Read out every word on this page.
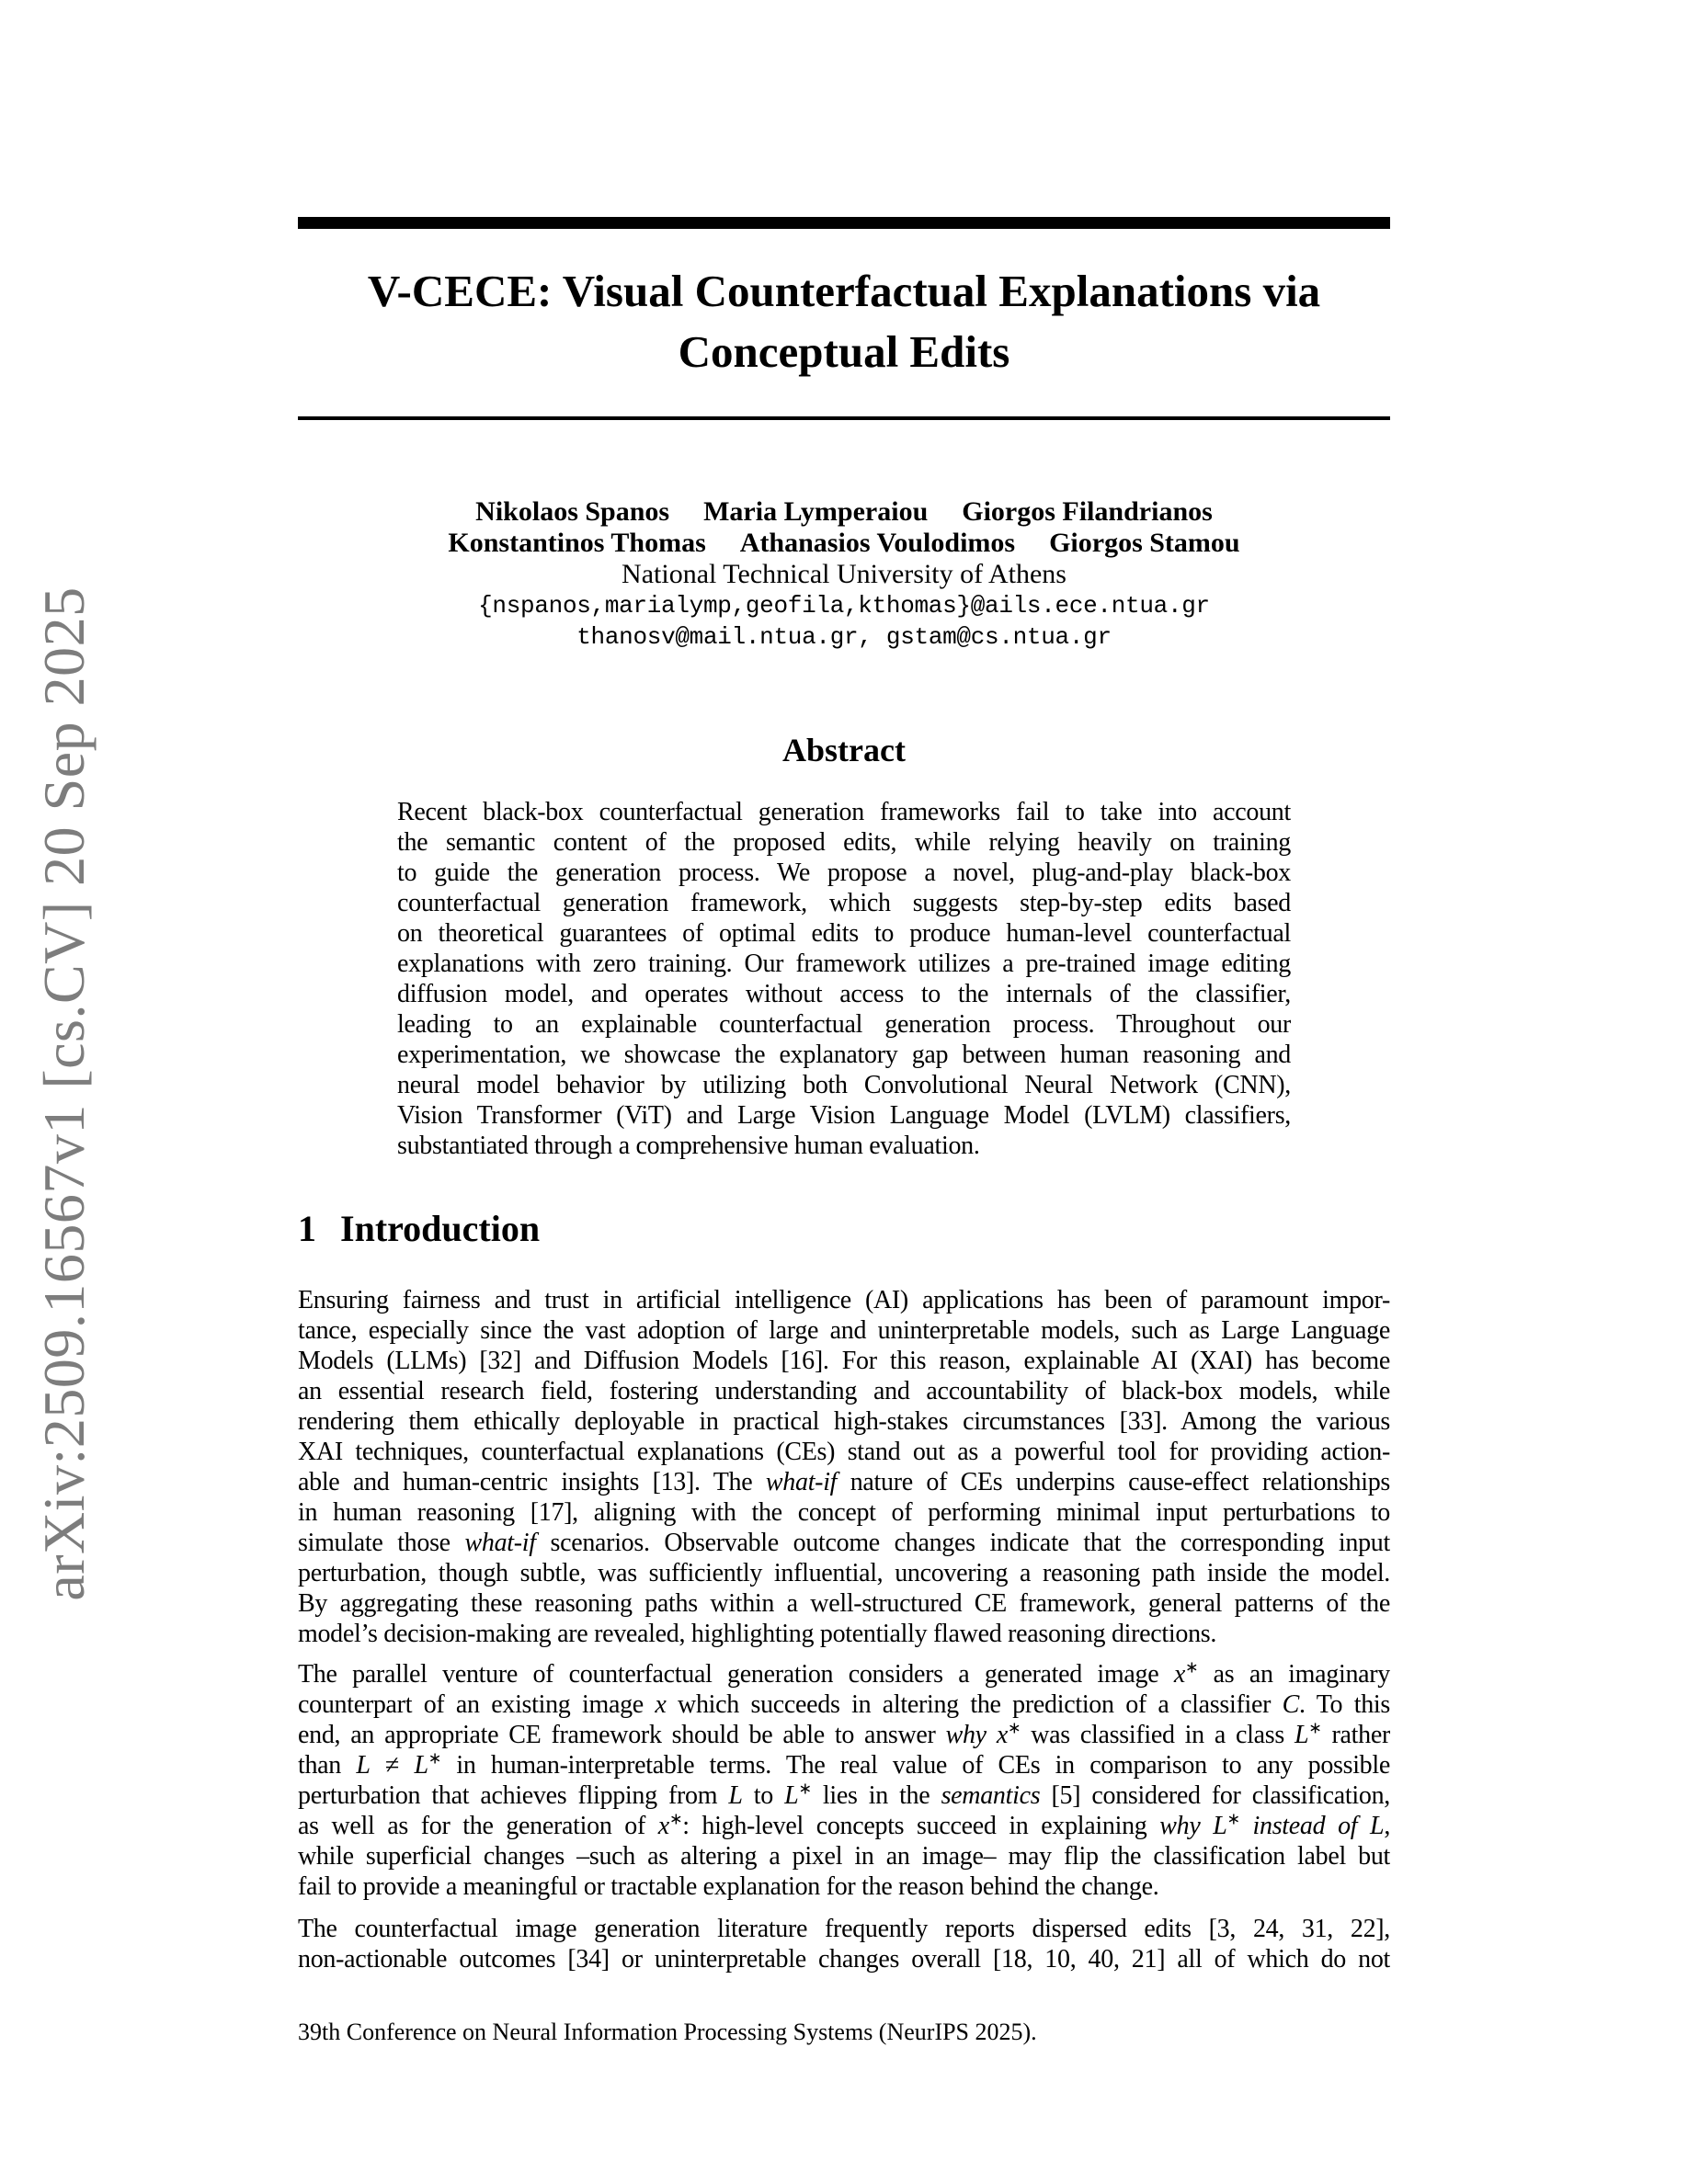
arXiv:2509.16567v1 [cs.CV] 20 Sep 2025
V-CECE: Visual Counterfactual Explanations via
Conceptual Edits
Nikolaos Spanos Maria Lymperaiou Giorgos Filandrianos
Konstantinos Thomas Athanasios Voulodimos Giorgos Stamou
National Technical University of Athens
{nspanos,marialymp,geofila,kthomas}@ails.ece.ntua.gr
thanosv@mail.ntua.gr, gstam@cs.ntua.gr
Abstract
Recent black-box counterfactual generation frameworks fail to take into account
the semantic content of the proposed edits, while relying heavily on training
to guide the generation process. We propose a novel, plug-and-play black-box
counterfactual generation framework, which suggests step-by-step edits based
on theoretical guarantees of optimal edits to produce human-level counterfactual
explanations with zero training. Our framework utilizes a pre-trained image editing
diffusion model, and operates without access to the internals of the classifier,
leading to an explainable counterfactual generation process. Throughout our
experimentation, we showcase the explanatory gap between human reasoning and
neural model behavior by utilizing both Convolutional Neural Network (CNN),
Vision Transformer (ViT) and Large Vision Language Model (LVLM) classifiers,
substantiated through a comprehensive human evaluation.
1 Introduction
Ensuring fairness and trust in artificial intelligence (AI) applications has been of paramount impor-
tance, especially since the vast adoption of large and uninterpretable models, such as Large Language
Models (LLMs) [32] and Diffusion Models [16]. For this reason, explainable AI (XAI) has become
an essential research field, fostering understanding and accountability of black-box models, while
rendering them ethically deployable in practical high-stakes circumstances [33]. Among the various
XAI techniques, counterfactual explanations (CEs) stand out as a powerful tool for providing action-
able and human-centric insights [13]. The what-if nature of CEs underpins cause-effect relationships
in human reasoning [17], aligning with the concept of performing minimal input perturbations to
simulate those what-if scenarios. Observable outcome changes indicate that the corresponding input
perturbation, though subtle, was sufficiently influential, uncovering a reasoning path inside the model.
By aggregating these reasoning paths within a well-structured CE framework, general patterns of the
model’s decision-making are revealed, highlighting potentially flawed reasoning directions.
The parallel venture of counterfactual generation considers a generated image x∗ as an imaginary
counterpart of an existing image x which succeeds in altering the prediction of a classifier C. To this
end, an appropriate CE framework should be able to answer why x∗ was classified in a class L∗ rather
than L ≠ L∗ in human-interpretable terms. The real value of CEs in comparison to any possible
perturbation that achieves flipping from L to L∗ lies in the semantics [5] considered for classification,
as well as for the generation of x∗: high-level concepts succeed in explaining why L∗ instead of L,
while superficial changes –such as altering a pixel in an image– may flip the classification label but
fail to provide a meaningful or tractable explanation for the reason behind the change.
The counterfactual image generation literature frequently reports dispersed edits [3, 24, 31, 22],
non-actionable outcomes [34] or uninterpretable changes overall [18, 10, 40, 21] all of which do not
39th Conference on Neural Information Processing Systems (NeurIPS 2025).
